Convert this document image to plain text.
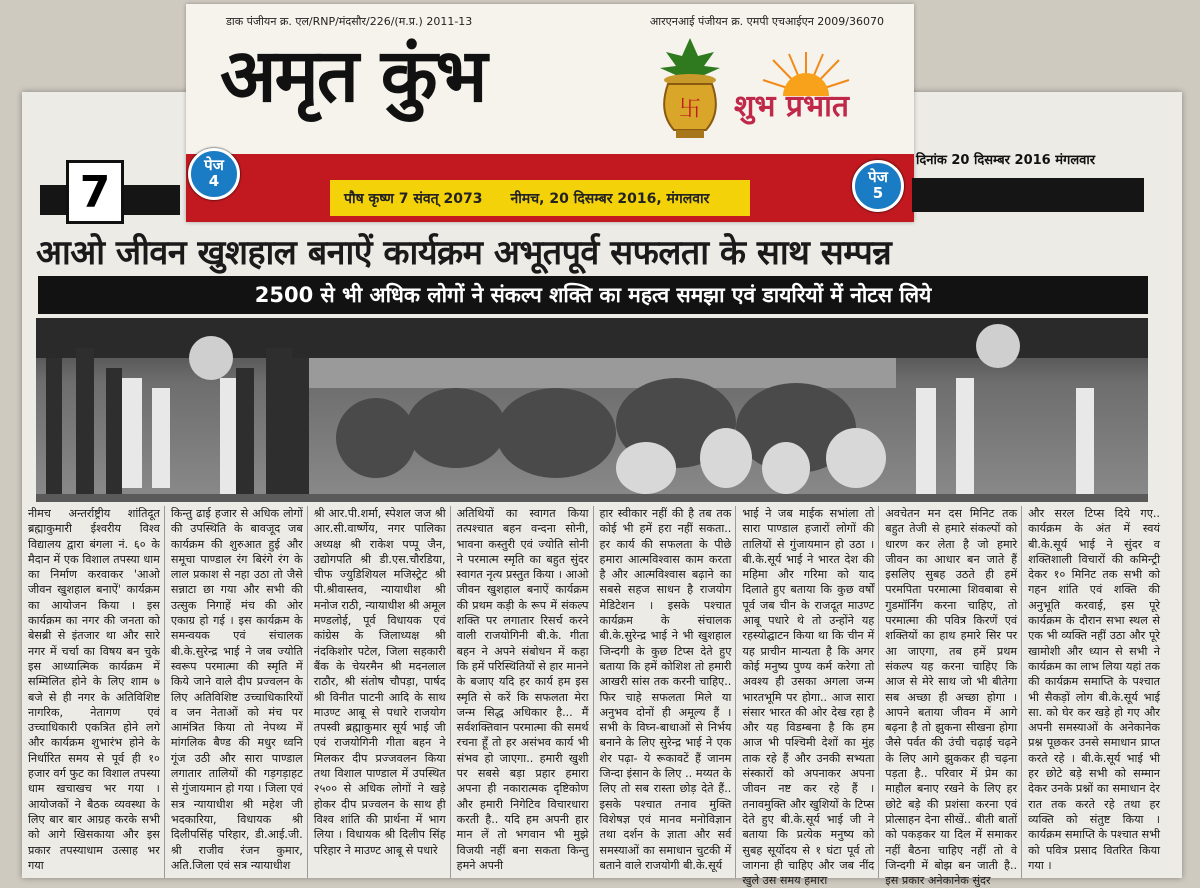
डाक पंजीयन क्र. एल/RNP/मंदसौर/226/(म.प्र.) 2011-13	आरएनआई पंजीयन क्र. एमपी एचआईएन 2009/36070
अमृत कुंभ	卐 शुभ प्रभात
पौष कृष्ण 7 संवत् 2073	नीमच, 20 दिसम्बर 2016, मंगलवार
पेज
4	पेज
5
7
दिनांक 20 दिसम्बर 2016 मंगलवार
आओ जीवन खुशहाल बनाऐं कार्यक्रम अभूतपूर्व सफलता के साथ सम्पन्न
2500 से भी अधिक लोगों ने संकल्प शक्ति का महत्व समझा एवं डायरियों में नोटस लिये
नीमच अन्तर्राष्ट्रीय शांतिदूत ब्रह्माकुमारी ईश्वरीय विश्व विद्यालय द्वारा बंगला नं. ६० के मैदान में एक विशाल तपस्या धाम का निर्माण करवाकर 'आओ जीवन खुशहाल बनाऐं' कार्यक्रम का आयोजन किया । इस कार्यक्रम का नगर की जनता को बेसब्री से इंतजार था और सारे नगर में चर्चा का विषय बन चुके इस आध्यात्मिक कार्यक्रम में सम्मिलित होने के लिए शाम ७ बजे से ही नगर के अतिविशिष्ट नागरिक, नेतागण एवं उच्चाधिकारी एकत्रित होने लगे और कार्यक्रम शुभारंभ होने के निर्धारित समय से पूर्व ही १० हजार वर्ग फुट का विशाल तपस्या धाम खचाखच भर गया । आयोजकों ने बैठक व्यवस्था के लिए बार बार आग्रह करके सभी को आगे खिसकाया और इस प्रकार तपस्याधाम उत्साह भर गया
किन्तु ढाई हजार से अधिक लोगों की उपस्थिति के बावजूद जब कार्यक्रम की शुरुआत हुई और समूचा पाण्डाल रंग बिरंगे रंग के लाल प्रकाश से नहा उठा तो जैसे सन्नाटा छा गया और सभी की उत्सुक निगाहें मंच की ओर एकाग्र हो गई । इस कार्यक्रम के समन्वयक एवं संचालक बी.के.सुरेन्द्र भाई ने जब ज्योति स्वरूप परमात्मा की स्मृति में किये जाने वाले दीप प्रज्वलन के लिए अतिविशिष्ट उच्चाधिकारियों व जन नेताओं को मंच पर आमंत्रित किया तो नेपथ्य में मांगलिक बैण्ड की मधुर ध्वनि गूंज उठी और सारा पाण्डाल लगातार तालियों की गड़गड़ाहट से गुंजायमान हो गया । जिला एवं सत्र न्यायाधीश श्री महेश जी भदकारिया, विधायक श्री दिलीपसिंह परिहार, डी.आई.जी. श्री राजीव रंजन कुमार, अति.जिला एवं सत्र न्यायाधीश
श्री आर.पी.शर्मा, स्पेशल जज श्री आर.सी.वार्ष्णेय, नगर पालिका अध्यक्ष श्री राकेश पप्पू जैन, उद्योगपति श्री डी.एस.चौरडिया, चीफ ज्युडिशियल मजिस्ट्रेट श्री पी.श्रीवास्तव, न्यायाधीश श्री मनोज राठी, न्यायाधीश श्री अमूल मण्डलोई, पूर्व विधायक एवं कांग्रेस के जिलाध्यक्ष श्री नंदकिशोर पटेल, जिला सहकारी बैंक के चेयरमैन श्री मदनलाल राठौर, श्री संतोष चौपड़ा, पार्षद श्री विनीत पाटनी आदि के साथ माउण्ट आबू से पधारे राजयोग तपस्वी ब्रह्माकुमार सूर्य भाई जी एवं राजयोगिनी गीता बहन ने मिलकर दीप प्रज्जवलन किया तथा विशाल पाण्डाल में उपस्थित २५०० से अधिक लोगों ने खड़े होकर दीप प्रज्वलन के साथ ही विश्व शांति की प्रार्थना में भाग लिया । विधायक श्री दिलीप सिंह परिहार ने माउण्ट आबू से पधारे
अतिथियों का स्वागत किया तत्पश्चात बहन वन्दना सोनी, भावना कस्तुरी एवं ज्योति सोनी ने परमात्म स्मृति का बहुत सुंदर स्वागत नृत्य प्रस्तुत किया । आओ जीवन खुशहाल बनाऐं कार्यक्रम की प्रथम कड़ी के रूप में संकल्प शक्ति पर लगातार रिसर्च करने वाली राजयोगिनी बी.के. गीता बहन ने अपने संबोधन में कहा कि हमें परिस्थितियों से हार मानने के बजाए यदि हर कार्य हम इस स्मृति से करें कि सफलता मेरा जन्म सिद्ध अधिकार है... मैं सर्वशक्तिवान परमात्मा की समर्थ रचना हूँ तो हर असंभव कार्य भी संभव हो जाएगा.. हमारी खुशी पर सबसे बड़ा प्रहार हमारा अपना ही नकारात्मक दृष्टिकोण और हमारी निगेटिव विचारधारा करती है.. यदि हम अपनी हार मान लें तो भगवान भी मुझे विजयी नहीं बना सकता किन्तु हमने अपनी
हार स्वीकार नहीं की है तब तक कोई भी हमें हरा नहीं सकता.. हर कार्य की सफलता के पीछे हमारा आत्मविश्वास काम करता है और आत्मविश्वास बढ़ाने का सबसे सहज साधन है राजयोग मेडिटेशन । इसके पश्चात कार्यक्रम के संचालक बी.के.सुरेन्द्र भाई ने भी खुशहाल जिन्दगी के कुछ टिप्स देते हुए बताया कि हमें कोशिश तो हमारी आखरी सांस तक करनी चाहिए.. फिर चाहे सफलता मिले या अनुभव दोनों ही अमूल्य हैं । सभी के विघ्न-बाधाओं से निर्भय बनाने के लिए सुरेन्द्र भाई ने एक शेर पढ़ा- ये रूकावटें हैं जानम जिन्दा इंसान के लिए .. मय्यत के लिए तो सब रास्ता छोड़ देते हैं.. इसके पश्चात तनाव मुक्ति विशेषज्ञ एवं मानव मनोविज्ञान तथा दर्शन के ज्ञाता और सर्व समस्याओं का समाधान चुटकी में बताने वाले राजयोगी बी.के.सूर्य
भाई ने जब माईक सभांला तो सारा पाण्डाल हजारों लोगों की तालियों से गुंजायमान हो उठा । बी.के.सूर्य भाई ने भारत देश की महिमा और गरिमा को याद दिलाते हुए बताया कि कुछ वर्षों पूर्व जब चीन के राजदूत माउण्ट आबू पधारे थे तो उन्होंने यह रहस्योद्घाटन किया था कि चीन में यह प्राचीन मान्यता है कि अगर कोई मनुष्य पुण्य कर्म करेगा तो अवश्य ही उसका अगला जन्म भारतभूमि पर होगा.. आज सारा संसार भारत की ओर देख रहा है और यह विडम्बना है कि हम आज भी पश्चिमी देशों का मुंह ताक रहे हैं और उनकी सभ्यता संस्कारों को अपनाकर अपना जीवन नष्ट कर रहे हैं । तनावमुक्ति और खुशियों के टिप्स देते हुए बी.के.सूर्य भाई जी ने बताया कि प्रत्येक मनुष्य को सुबह सूर्योदय से १ घंटा पूर्व तो जागना ही चाहिए और जब नींद खुले उस समय हमारा
अवचेतन मन दस मिनिट तक बहुत तेजी से हमारे संकल्पों को धारण कर लेता है जो हमारे जीवन का आधार बन जाते हैं इसलिए सुबह उठते ही हमें परमपिता परमात्मा शिवबाबा से गुडमॉर्निंग करना चाहिए, तो परमात्मा की पवित्र किरणें एवं शक्तियों का हाथ हमारे सिर पर आ जाएगा, तब हमें प्रथम संकल्प यह करना चाहिए कि आज से मेरे साथ जो भी बीतेगा सब अच्छा ही अच्छा होगा । आपने बताया जीवन में आगे बढ़ना है तो झुकना सीखना होगा जैसे पर्वत की उंची चढ़ाई चढ़ने के लिए आगे झुककर ही चढ़ना पड़ता है.. परिवार में प्रेम का माहौल बनाए रखने के लिए हर छोटे बड़े की प्रशंसा करना एवं प्रोत्साहन देना सीखें.. बीती बातों को पकड़कर या दिल में समाकर नहीं बैठना चाहिए नहीं तो वे जिन्दगी में बोझ बन जाती है.. इस प्रकार अनेकानेक सुंदर
और सरल टिप्स दिये गए.. कार्यक्रम के अंत में स्वयं बी.के.सूर्य भाई ने सुंदर व शक्तिशाली विचारों की कमिन्ट्री देकर १० मिनिट तक सभी को गहन शांति एवं शक्ति की अनुभूति करवाई, इस पूरे कार्यक्रम के दौरान सभा स्थल से एक भी व्यक्ति नहीं उठा और पूरे खामोशी और ध्यान से सभी ने कार्यक्रम का लाभ लिया यहां तक की कार्यक्रम समाप्ति के पश्चात भी सैकड़ों लोग बी.के.सूर्य भाई सा. को घेर कर खड़े हो गए और अपनी समस्याओं के अनेकानेक प्रश्न पूछकर उनसे समाधान प्राप्त करते रहे । बी.के.सूर्य भाई भी हर छोटे बड़े सभी को सम्मान देकर उनके प्रश्नों का समाधान देर रात तक करते रहे तथा हर व्यक्ति को संतुष्ट किया । कार्यक्रम समाप्ति के पश्चात सभी को पवित्र प्रसाद वितरित किया गया ।
